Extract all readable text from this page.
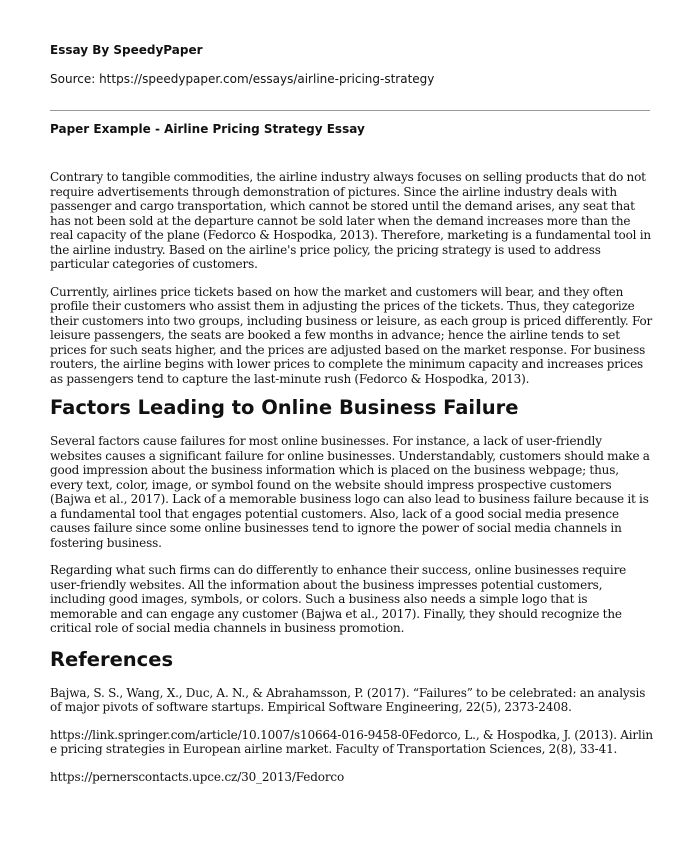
Essay By SpeedyPaper

Source: https://speedypaper.com/essays/airline-pricing-strategy

Paper Example - Airline Pricing Strategy Essay

Contrary to tangible commodities, the airline industry always focuses on selling products that do not require advertisements through demonstration of pictures. Since the airline industry deals with passenger and cargo transportation, which cannot be stored until the demand arises, any seat that has not been sold at the departure cannot be sold later when the demand increases more than the real capacity of the plane (Fedorco & Hospodka, 2013). Therefore, marketing is a fundamental tool in the airline industry. Based on the airline's price policy, the pricing strategy is used to address particular categories of customers.

Currently, airlines price tickets based on how the market and customers will bear, and they often profile their customers who assist them in adjusting the prices of the tickets. Thus, they categorize their customers into two groups, including business or leisure, as each group is priced differently. For leisure passengers, the seats are booked a few months in advance; hence the airline tends to set prices for such seats higher, and the prices are adjusted based on the market response. For business routers, the airline begins with lower prices to complete the minimum capacity and increases prices as passengers tend to capture the last-minute rush (Fedorco & Hospodka, 2013).

Factors Leading to Online Business Failure

Several factors cause failures for most online businesses. For instance, a lack of user-friendly websites causes a significant failure for online businesses. Understandably, customers should make a good impression about the business information which is placed on the business webpage; thus, every text, color, image, or symbol found on the website should impress prospective customers (Bajwa et al., 2017). Lack of a memorable business logo can also lead to business failure because it is a fundamental tool that engages potential customers. Also, lack of a good social media presence causes failure since some online businesses tend to ignore the power of social media channels in fostering business.

Regarding what such firms can do differently to enhance their success, online businesses require user-friendly websites. All the information about the business impresses potential customers, including good images, symbols, or colors. Such a business also needs a simple logo that is memorable and can engage any customer (Bajwa et al., 2017). Finally, they should recognize the critical role of social media channels in business promotion.

References

Bajwa, S. S., Wang, X., Duc, A. N., & Abrahamsson, P. (2017). “Failures” to be celebrated: an analysis of major pivots of software startups. Empirical Software Engineering, 22(5), 2373-2408.

https://link.springer.com/article/10.1007/s10664-016-9458-0Fedorco, L., & Hospodka, J. (2013). Airline pricing strategies in European airline market. Faculty of Transportation Sciences, 2(8), 33-41.

https://pernerscontacts.upce.cz/30_2013/Fedorco
